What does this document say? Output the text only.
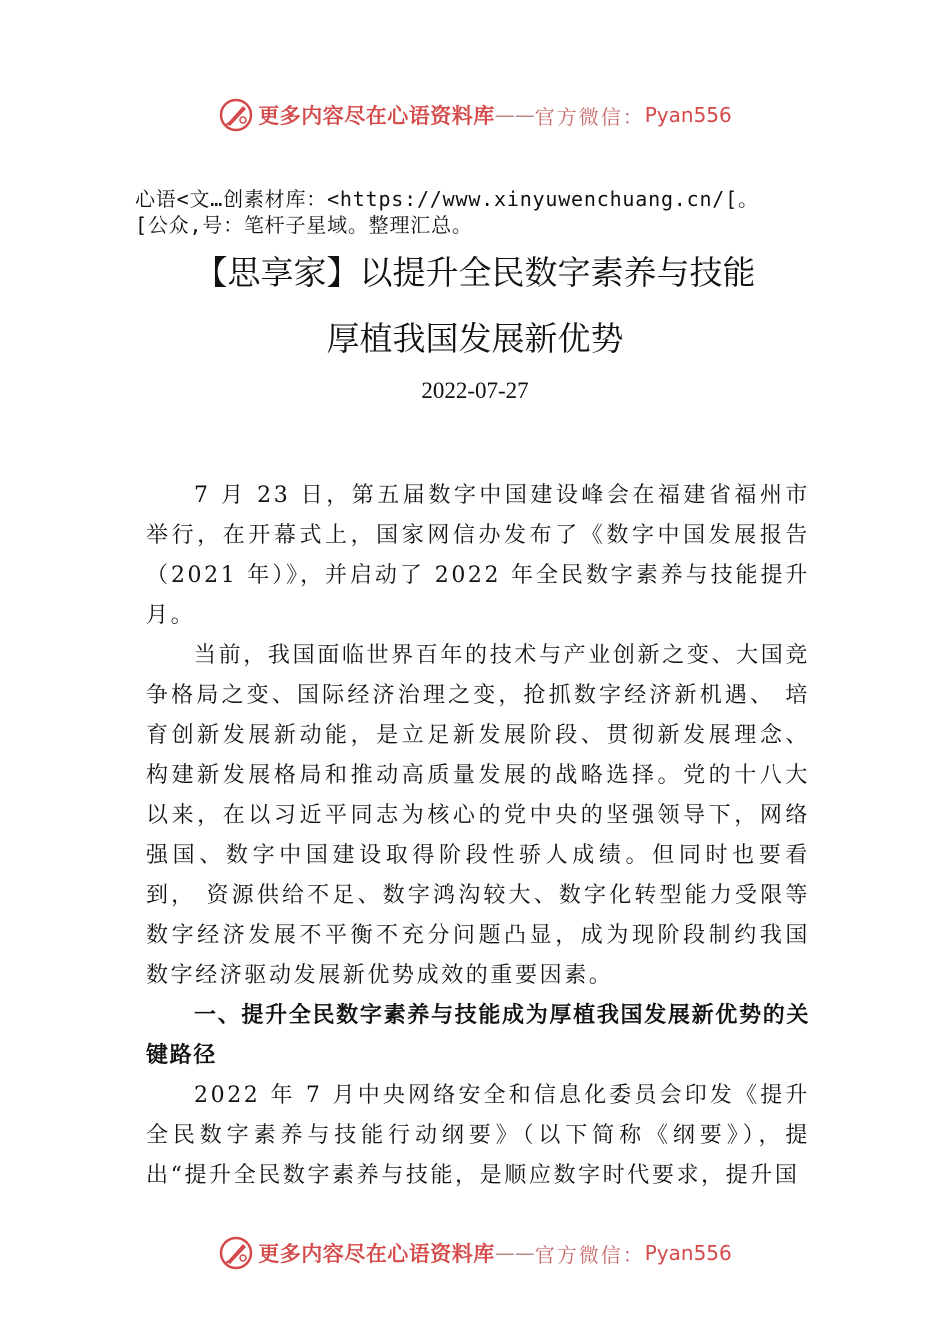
更多内容尽在心语资料库 —— 官方微信： Pyan556
心语<文…创素材库：<https://www.xinyuwenchuang.cn/[。
[公众,号：笔杆子星域。整理汇总。
【思享家】以提升全民数字素养与技能
厚植我国发展新优势
2022-07-27

7 月 23 日，第五届数字中国建设峰会在福建省福州市举行，在开幕式上，国家网信办发布了《数字中国发展报告（2021 年）》，并启动了 2022 年全民数字素养与技能提升月。

当前，我国面临世界百年的技术与产业创新之变、大国竞争格局之变、国际经济治理之变，抢抓数字经济新机遇、 培育创新发展新动能，是立足新发展阶段、贯彻新发展理念、构建新发展格局和推动高质量发展的战略选择。党的十八大以来，在以习近平同志为核心的党中央的坚强领导下，网络强国、数字中国建设取得阶段性骄人成绩。但同时也要看到， 资源供给不足、数字鸿沟较大、数字化转型能力受限等数字经济发展不平衡不充分问题凸显，成为现阶段制约我国数字经济驱动发展新优势成效的重要因素。

一、提升全民数字素养与技能成为厚植我国发展新优势的关键路径

2022 年 7 月中央网络安全和信息化委员会印发《提升全民数字素养与技能行动纲要》（以下简称《纲要》），提出“提升全民数字素养与技能，是顺应数字时代要求，提升国

更多内容尽在心语资料库 —— 官方微信： Pyan556
